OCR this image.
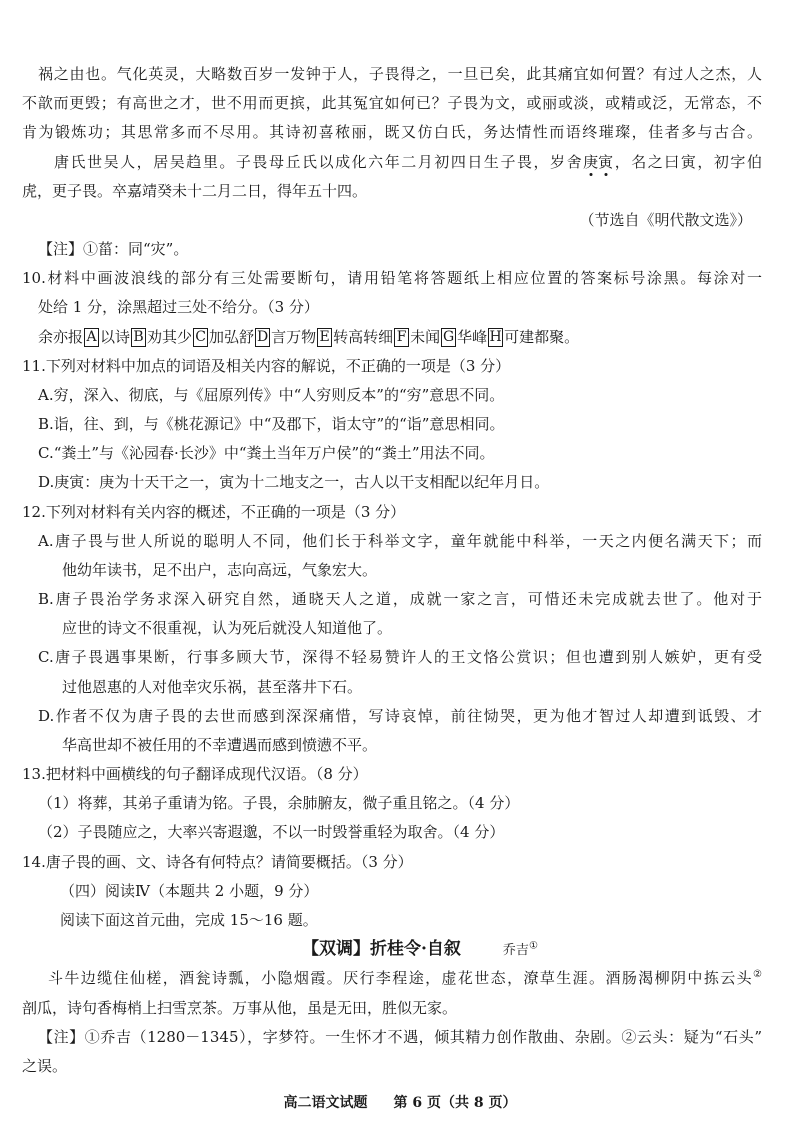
祸之由也。气化英灵，大略数百岁一发钟于人，子畏得之，一旦已矣，此其痛宜如何置？有过人之杰，人
不歆而更毁；有高世之才，世不用而更摈，此其冤宜如何已？子畏为文，或丽或淡，或精或泛，无常态，不
肯为锻炼功；其思常多而不尽用。其诗初喜秾丽，既又仿白氏，务达情性而语终璀璨，佳者多与古合。
唐氏世吴人，居吴趋里。子畏母丘氏以成化六年二月初四日生子畏，岁舍庚寅，名之曰寅，初字伯
虎，更子畏。卒嘉靖癸未十二月二日，得年五十四。
（节选自《明代散文选》）
【注】①菑：同“灾”。
10.材料中画波浪线的部分有三处需要断句，请用铅笔将答题纸上相应位置的答案标号涂黑。每涂对一
处给 1 分，涂黑超过三处不给分。（3 分）
余亦报 A 以诗 B 劝其少 C 加弘舒 D 言万物 E 转高转细 F 未闻 G 华峰 H 可建都聚。
11.下列对材料中加点的词语及相关内容的解说，不正确的一项是（3 分）
A.穷，深入、彻底，与《屈原列传》中“人穷则反本”的“穷”意思不同。
B.诣，往、到，与《桃花源记》中“及郡下，诣太守”的“诣”意思相同。
C.“粪土”与《沁园春·长沙》中“粪土当年万户侯”的“粪土”用法不同。
D.庚寅：庚为十天干之一，寅为十二地支之一，古人以干支相配以纪年月日。
12.下列对材料有关内容的概述，不正确的一项是（3 分）
A.唐子畏与世人所说的聪明人不同，他们长于科举文字，童年就能中科举，一天之内便名满天下；而
他幼年读书，足不出户，志向高远，气象宏大。
B.唐子畏治学务求深入研究自然，通晓天人之道，成就一家之言，可惜还未完成就去世了。他对于
应世的诗文不很重视，认为死后就没人知道他了。
C.唐子畏遇事果断，行事多顾大节，深得不轻易赞许人的王文恪公赏识；但也遭到别人嫉妒，更有受
过他恩惠的人对他幸灾乐祸，甚至落井下石。
D.作者不仅为唐子畏的去世而感到深深痛惜，写诗哀悼，前往恸哭，更为他才智过人却遭到诋毁、才
华高世却不被任用的不幸遭遇而感到愤懑不平。
13.把材料中画横线的句子翻译成现代汉语。（8 分）
（1）将葬，其弟子重请为铭。子畏，余肺腑友，微子重且铭之。（4 分）
（2）子畏随应之，大率兴寄遐邈，不以一时毁誉重轻为取舍。（4 分）
14.唐子畏的画、文、诗各有何特点？请简要概括。（3 分）
（四）阅读Ⅳ（本题共 2 小题，9 分）
阅读下面这首元曲，完成 15～16 题。
【双调】折桂令·自叙	乔吉①
斗牛边缆住仙槎，酒瓮诗瓢，小隐烟霞。厌行李程途，虚花世态，潦草生涯。酒肠渴柳阴中拣云头②
剖瓜，诗句香梅梢上扫雪烹茶。万事从他，虽是无田，胜似无家。
【注】①乔吉（1280－1345），字梦符。一生怀才不遇，倾其精力创作散曲、杂剧。②云头：疑为“石头”
之误。
高二语文试题 第 6 页（共 8 页）
